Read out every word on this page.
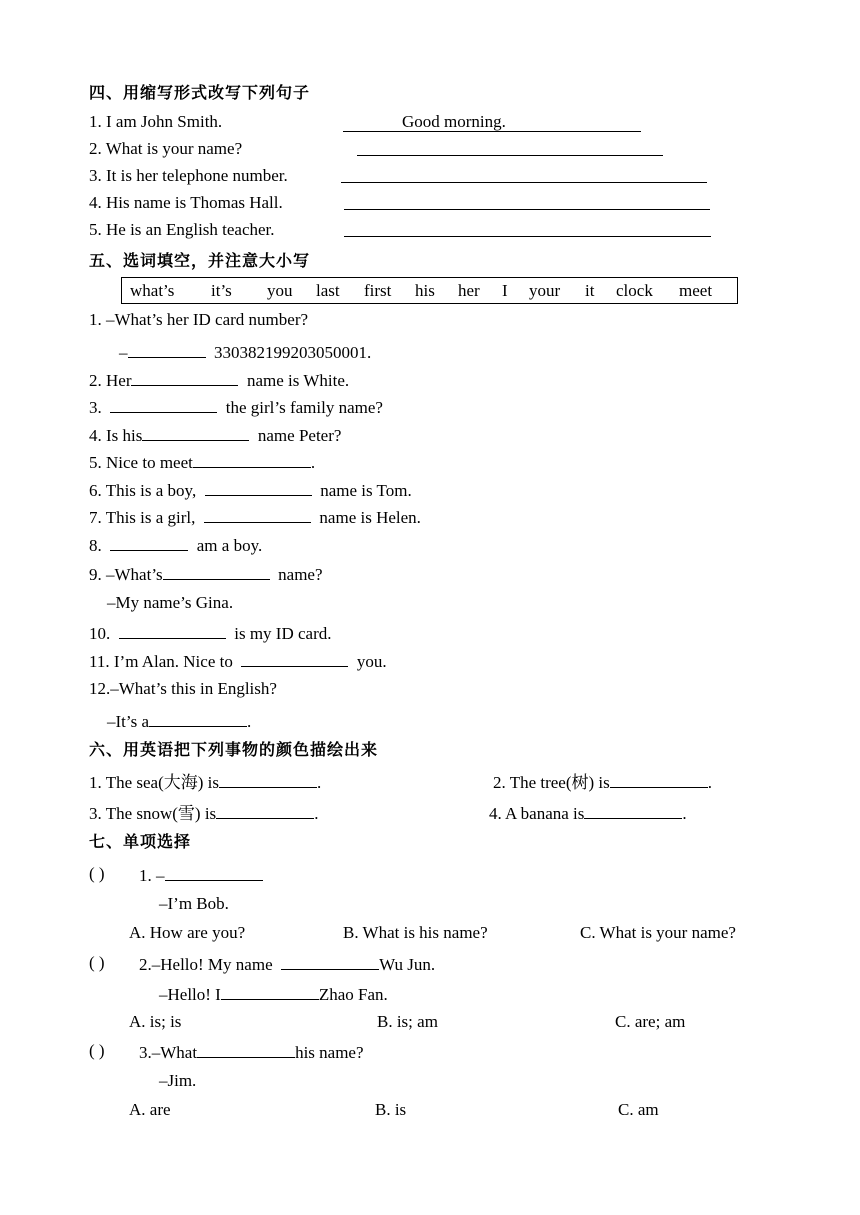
四、用缩写形式改写下列句子
1. I am John Smith.	Good morning.
2. What is your name?
3. It is her telephone number.
4. His name is Thomas Hall.
5. He is an English teacher.
五、选词填空，并注意大小写
what’s it’s you last first his her I your it clock meet
1. –What’s her ID card number?
–	330382199203050001.
2. Her	name is White.
3.	the girl’s family name?
4. Is his	name Peter?
5. Nice to meet	.
6. This is a boy,	name is Tom.
7. This is a girl,	name is Helen.
8.	am a boy.
9. –What’s	name?
–My name’s Gina.
10.	is my ID card.
11. I’m Alan. Nice to	you.
12.–What’s this in English?
–It’s a	.
六、用英语把下列事物的颜色描绘出来
1. The sea(大海) is	.	2. The tree(树) is	.
3. The snow(雪) is	.	4. A banana is	.
七、单项选择
( ) 1. –
–I’m Bob.
A. How are you?	B. What is his name?	C. What is your name?
( ) 2.–Hello! My name	Wu Jun.
–Hello! I	Zhao Fan.
A. is; is	B. is; am	C. are; am
( ) 3.–What	his name?
–Jim.
A. are	B. is	C. am
